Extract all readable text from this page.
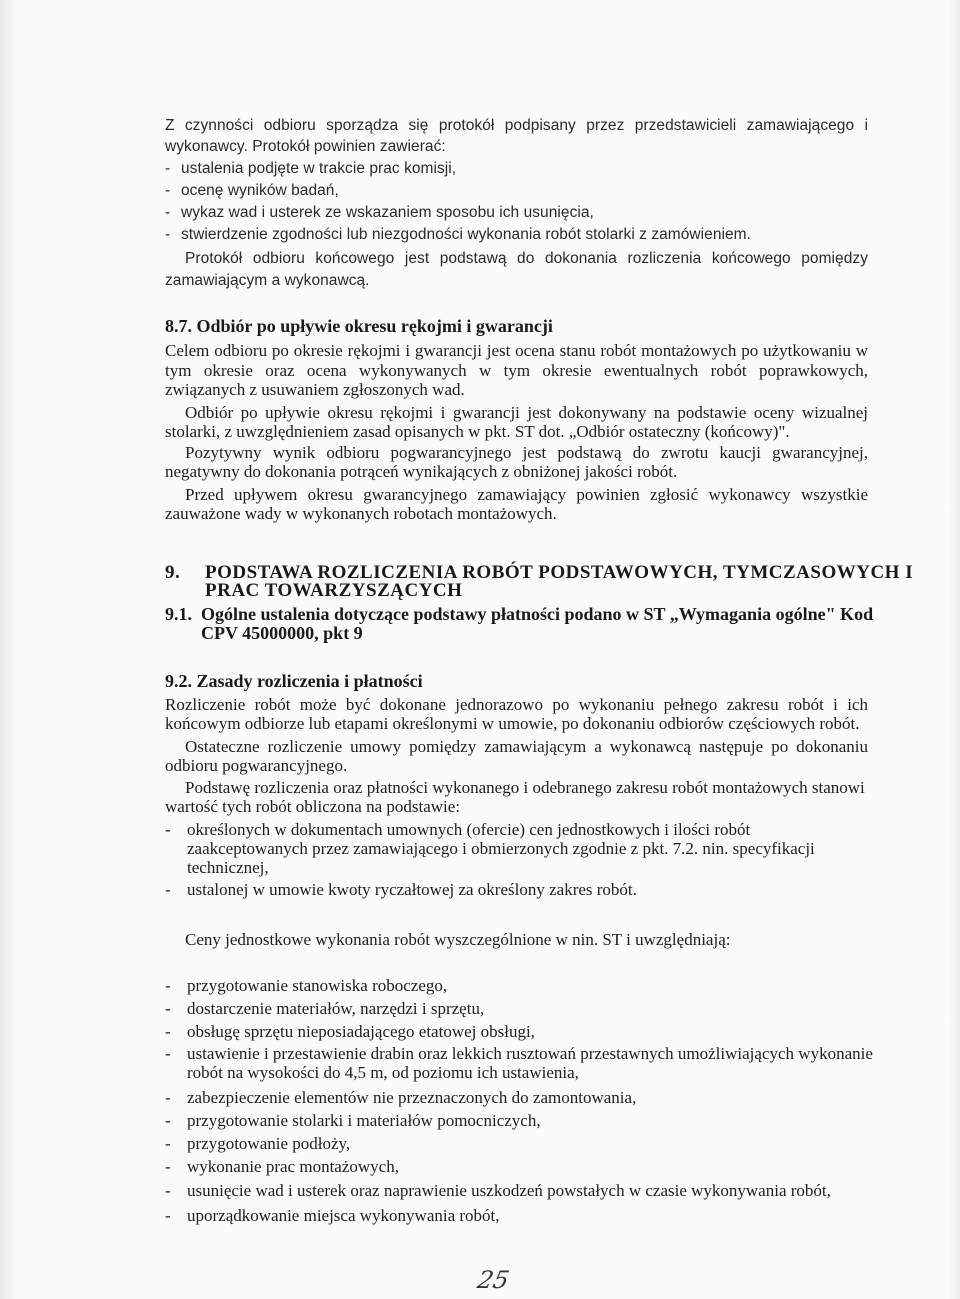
Z czynności odbioru sporządza się protokół podpisany przez przedstawicieli zamawiającego i
wykonawcy. Protokół powinien zawierać:
- ustalenia podjęte w trakcie prac komisji,
- ocenę wyników badań,
- wykaz wad i usterek ze wskazaniem sposobu ich usunięcia,
- stwierdzenie zgodności lub niezgodności wykonania robót stolarki z zamówieniem.
Protokół odbioru końcowego jest podstawą do dokonania rozliczenia końcowego pomiędzy
zamawiającym a wykonawcą.
8.7. Odbiór po upływie okresu rękojmi i gwarancji
Celem odbioru po okresie rękojmi i gwarancji jest ocena stanu robót montażowych po użytkowaniu w
tym okresie oraz ocena wykonywanych w tym okresie ewentualnych robót poprawkowych,
związanych z usuwaniem zgłoszonych wad.
Odbiór po upływie okresu rękojmi i gwarancji jest dokonywany na podstawie oceny wizualnej
stolarki, z uwzględnieniem zasad opisanych w pkt. ST dot. „Odbiór ostateczny (końcowy)".
Pozytywny wynik odbioru pogwarancyjnego jest podstawą do zwrotu kaucji gwarancyjnej,
negatywny do dokonania potrąceń wynikających z obniżonej jakości robót.
Przed upływem okresu gwarancyjnego zamawiający powinien zgłosić wykonawcy wszystkie
zauważone wady w wykonanych robotach montażowych.
9. PODSTAWA ROZLICZENIA ROBÓT PODSTAWOWYCH, TYMCZASOWYCH I
PRAC TOWARZYSZĄCYCH
9.1. Ogólne ustalenia dotyczące podstawy płatności podano w ST „Wymagania ogólne" Kod
CPV 45000000, pkt 9
9.2. Zasady rozliczenia i płatności
Rozliczenie robót może być dokonane jednorazowo po wykonaniu pełnego zakresu robót i ich
końcowym odbiorze lub etapami określonymi w umowie, po dokonaniu odbiorów częściowych robót.
Ostateczne rozliczenie umowy pomiędzy zamawiającym a wykonawcą następuje po dokonaniu
odbioru pogwarancyjnego.
Podstawę rozliczenia oraz płatności wykonanego i odebranego zakresu robót montażowych stanowi
wartość tych robót obliczona na podstawie:
- określonych w dokumentach umownych (ofercie) cen jednostkowych i ilości robót
zaakceptowanych przez zamawiającego i obmierzonych zgodnie z pkt. 7.2. nin. specyfikacji
technicznej,
- ustalonej w umowie kwoty ryczałtowej za określony zakres robót.
Ceny jednostkowe wykonania robót wyszczególnione w nin. ST i uwzględniają:
- przygotowanie stanowiska roboczego,
- dostarczenie materiałów, narzędzi i sprzętu,
- obsługę sprzętu nieposiadającego etatowej obsługi,
- ustawienie i przestawienie drabin oraz lekkich rusztowań przestawnych umożliwiających wykonanie
robót na wysokości do 4,5 m, od poziomu ich ustawienia,
- zabezpieczenie elementów nie przeznaczonych do zamontowania,
- przygotowanie stolarki i materiałów pomocniczych,
- przygotowanie podłoży,
- wykonanie prac montażowych,
- usunięcie wad i usterek oraz naprawienie uszkodzeń powstałych w czasie wykonywania robót,
- uporządkowanie miejsca wykonywania robót,
25
